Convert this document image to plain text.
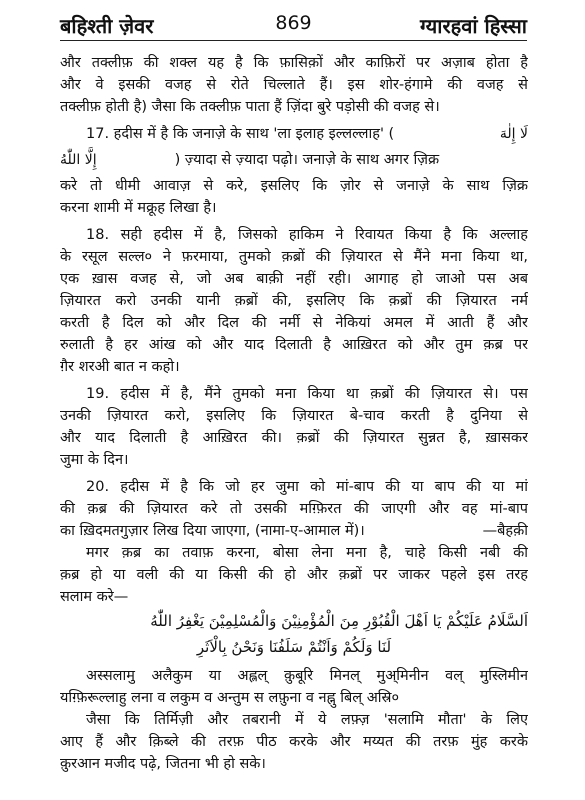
बहिश्ती ज़ेवर	869	ग्यारहवां हिस्सा
और तक्लीफ़ की शक्ल यह है कि फ़ासिक़ों और काफ़िरों पर अज़ाब होता है
और वे इसकी वजह से रोते चिल्लाते हैं। इस शोर-हंगामे की वजह से
तक्लीफ़ होती है) जैसा कि तक्लीफ़ पाता हैं ज़िंदा बुरे पड़ोसी की वजह से।
17. हदीस में है कि जनाज़े के साथ 'ला इलाह इल्लल्लाह' (	لَا إِلٰهَ
إِلَّا اللّٰهُ	) ज़्यादा से ज़्यादा पढ़ो। जनाज़े के साथ अगर ज़िक्र
करे तो धीमी आवाज़ से करे, इसलिए कि ज़ोर से जनाज़े के साथ ज़िक्र
करना शामी में मक्रूह लिखा है।
18. सही हदीस में है, जिसको हाकिम ने रिवायत किया है कि अल्लाह
के रसूल सल्ल० ने फ़रमाया, तुमको क़ब्रों की ज़ियारत से मैंने मना किया था,
एक ख़ास वजह से, जो अब बाक़ी नहीं रही। आगाह हो जाओ पस अब
ज़ियारत करो उनकी यानी क़ब्रों की, इसलिए कि क़ब्रों की ज़ियारत नर्म
करती है दिल को और दिल की नर्मी से नेकियां अमल में आती हैं और
रुलाती है हर आंख को और याद दिलाती है आख़िरत को और तुम क़ब्र पर
ग़ैर शरअी बात न कहो।
19. हदीस में है, मैंने तुमको मना किया था क़ब्रों की ज़ियारत से। पस
उनकी ज़ियारत करो, इसलिए कि ज़ियारत बे-चाव करती है दुनिया से
और याद दिलाती है आख़िरत की। क़ब्रों की ज़ियारत सुन्नत है, ख़ासकर
जुमा के दिन।
20. हदीस में है कि जो हर जुमा को मां-बाप की या बाप की या मां
की क़ब्र की ज़ियारत करे तो उसकी मग़्फ़िरत की जाएगी और वह मां-बाप
का ख़िदमतगुज़ार लिख दिया जाएगा, (नामा-ए-आमाल में)।	—बैहक़ी
मगर क़ब्र का तवाफ़ करना, बोसा लेना मना है, चाहे किसी नबी की
क़ब्र हो या वली की या किसी की हो और क़ब्रों पर जाकर पहले इस तरह
सलाम करे—
اَلسَّلَامُ عَلَيْكُمْ يَا اَهْلَ الْقُبُوْرِ مِنَ الْمُؤْمِنِيْنَ وَالْمُسْلِمِيْنَ يَغْفِرُ اللّٰهُ
لَنَا وَلَكُمْ وَاَنْتُمْ سَلَفُنَا وَنَحْنُ بِالْاَثَرِ
अस्सलामु अलैकुम या अह्लल् क़ुबूरि मिनल् मुअ्मिनीन वल् मुस्लिमीन
यग़्फ़िरूल्लाहु लना व लकुम व अन्तुम स लफ़ुना व नह्नु बिल् अस्रि०
जैसा कि तिर्मिज़ी और तबरानी में ये लफ़्ज़ 'सलामि मौता' के लिए
आए हैं और क़िब्ले की तरफ़ पीठ करके और मय्यत की तरफ़ मुंह करके
क़ुरआन मजीद पढ़े, जितना भी हो सके।
